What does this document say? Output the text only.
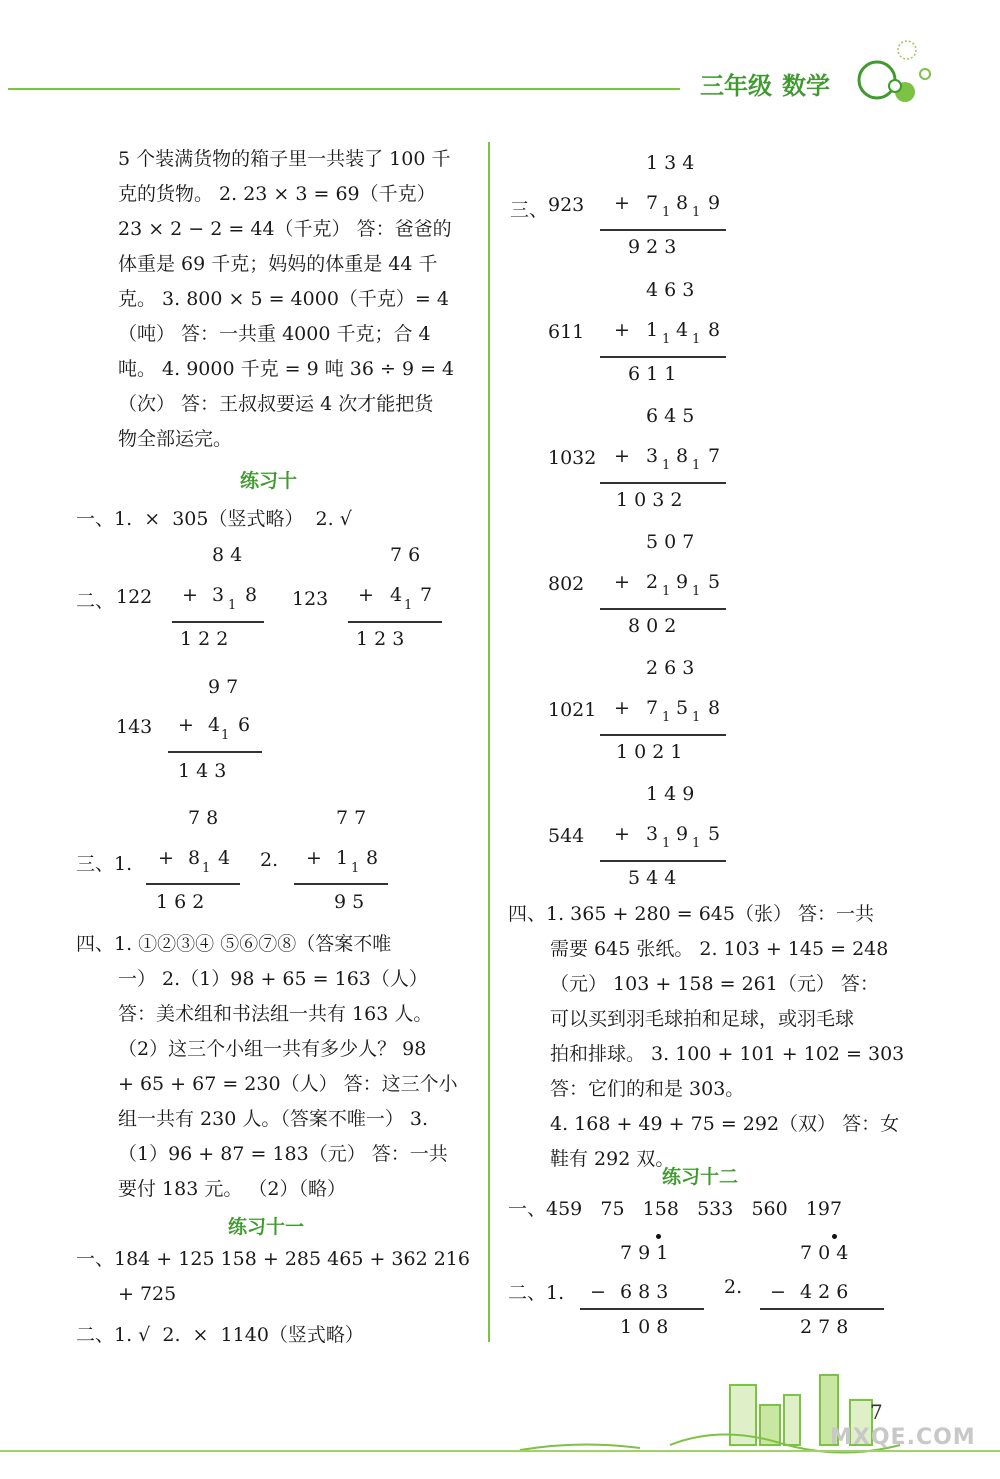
三年级 数学
5 个装满货物的箱子里一共装了 100 千
克的货物。 2. 23 × 3 = 69（千克）
23 × 2 − 2 = 44（千克） 答：爸爸的
体重是 69 千克；妈妈的体重是 44 千
克。 3. 800 × 5 = 4000（千克）= 4
（吨） 答：一共重 4000 千克；合 4
吨。 4. 9000 千克 = 9 吨 36 ÷ 9 = 4
（次） 答：王叔叔要运 4 次才能把货
物全部运完。
练习十
一、1.  ×  305（竖式略）  2. √
二、 122
8 4
+ 3 1 8
1 2 2
123
7 6
+ 4 1 7
1 2 3
143
9 7
+ 4 1 6
1 4 3
三、1.
7 8
+ 8 1 4
1 6 2
2.
7 7
+ 1 1 8
9 5
四、1. ①②③④ ⑤⑥⑦⑧（答案不唯
一） 2.（1）98 + 65 = 163（人）
答：美术组和书法组一共有 163 人。
（2）这三个小组一共有多少人？ 98
+ 65 + 67 = 230（人） 答：这三个小
组一共有 230 人。（答案不唯一） 3.
（1）96 + 87 = 183（元） 答：一共
要付 183 元。 （2）（略）
练习十一
一、184 + 125 158 + 285 465 + 362 216
+ 725
二、1. √  2.  ×  1140（竖式略）
三、 923
1 3 4
+ 7 1 8 1 9
9 2 3
611
4 6 3
+ 1 1 4 1 8
6 1 1
1032
6 4 5
+ 3 1 8 1 7
1 0 3 2
802
5 0 7
+ 2 1 9 1 5
8 0 2
1021
2 6 3
+ 7 1 5 1 8
1 0 2 1
544
1 4 9
+ 3 1 9 1 5
5 4 4
四、1. 365 + 280 = 645（张） 答：一共
需要 645 张纸。 2. 103 + 145 = 248
（元） 103 + 158 = 261（元） 答：
可以买到羽毛球拍和足球，或羽毛球
拍和排球。 3. 100 + 101 + 102 = 303
答：它们的和是 303。
4. 168 + 49 + 75 = 292（双） 答：女
鞋有 292 双。
练习十二
一、459   75   158   533   560   197
二、1.
7 9 1
− 6 8 3
1 0 8
2.
7 0 4
− 4 2 6
2 7 8
7
MXQE.COM
